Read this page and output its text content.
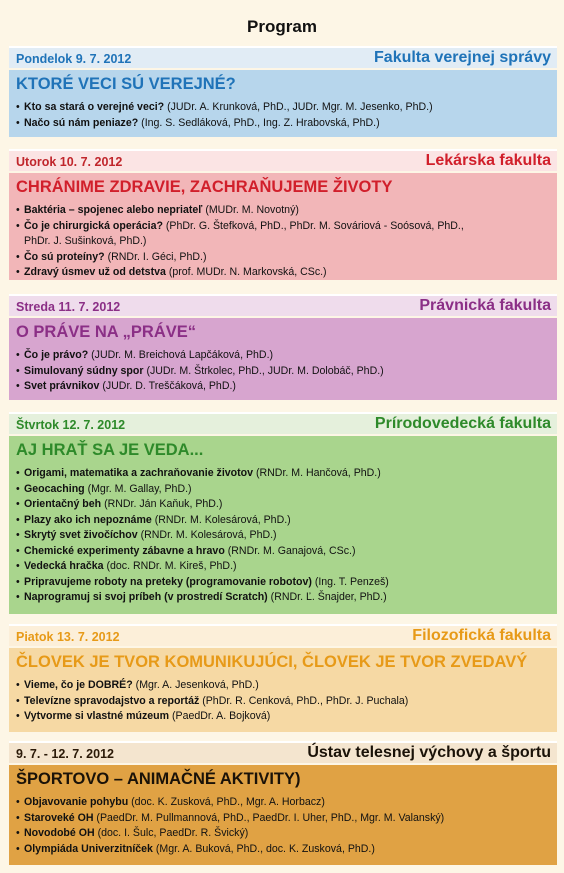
Program
Pondelok 9. 7. 2012	Fakulta verejnej správy
KTORÉ VECI SÚ VEREJNÉ?
• Kto sa stará o verejné veci? (JUDr. A. Krunková, PhD., JUDr. Mgr. M. Jesenko, PhD.)
• Načo sú nám peniaze? (Ing. S. Sedláková, PhD., Ing. Z. Hrabovská, PhD.)
Utorok 10. 7. 2012	Lekárska fakulta
CHRÁNIME ZDRAVIE, ZACHRAŇUJEME ŽIVOTY
• Baktéria – spojenec alebo nepriateľ (MUDr. M. Novotný)
• Čo je chirurgická operácia? (PhDr. G. Štefková, PhD., PhDr. M. Sováriová - Soósová, PhD.,
PhDr. J. Sušinková, PhD.)
• Čo sú proteíny? (RNDr. I. Géci, PhD.)
• Zdravý úsmev už od detstva (prof. MUDr. N. Markovská, CSc.)
Streda 11. 7. 2012	Právnická fakulta
O PRÁVE NA „PRÁVE“
• Čo je právo? (JUDr. M. Breichová Lapčáková, PhD.)
• Simulovaný súdny spor (JUDr. M. Štrkolec, PhD., JUDr. M. Dolobáč, PhD.)
• Svet právnikov (JUDr. D. Treščáková, PhD.)
Štvrtok 12. 7. 2012	Prírodovedecká fakulta
AJ HRAŤ SA JE VEDA...
• Origami, matematika a zachraňovanie životov (RNDr. M. Hančová, PhD.)
• Geocaching (Mgr. M. Gallay, PhD.)
• Orientačný beh (RNDr. Ján Kaňuk, PhD.)
• Plazy ako ich nepoznáme (RNDr. M. Kolesárová, PhD.)
• Skrytý svet živočíchov (RNDr. M. Kolesárová, PhD.)
• Chemické experimenty zábavne a hravo (RNDr. M. Ganajová, CSc.)
• Vedecká hračka (doc. RNDr. M. Kireš, PhD.)
• Pripravujeme roboty na preteky (programovanie robotov) (Ing. T. Penzeš)
• Naprogramuj si svoj príbeh (v prostredí Scratch) (RNDr. Ľ. Šnajder, PhD.)
Piatok 13. 7. 2012	Filozofická fakulta
ČLOVEK JE TVOR KOMUNIKUJÚCI, ČLOVEK JE TVOR ZVEDAVÝ
• Vieme, čo je DOBRÉ? (Mgr. A. Jesenková, PhD.)
• Televízne spravodajstvo a reportáž (PhDr. R. Cenková, PhD., PhDr. J. Puchala)
• Vytvorme si vlastné múzeum (PaedDr. A. Bojková)
9. 7. - 12. 7. 2012	Ústav telesnej výchovy a športu
ŠPORTOVO – ANIMAČNÉ AKTIVITY)
• Objavovanie pohybu (doc. K. Zusková, PhD., Mgr. A. Horbacz)
• Staroveké OH (PaedDr. M. Pullmannová, PhD., PaedDr. I. Uher, PhD., Mgr. M. Valanský)
• Novodobé OH (doc. I. Šulc, PaedDr. R. Švický)
• Olympiáda Univerzitníček (Mgr. A. Buková, PhD., doc. K. Zusková, PhD.)
